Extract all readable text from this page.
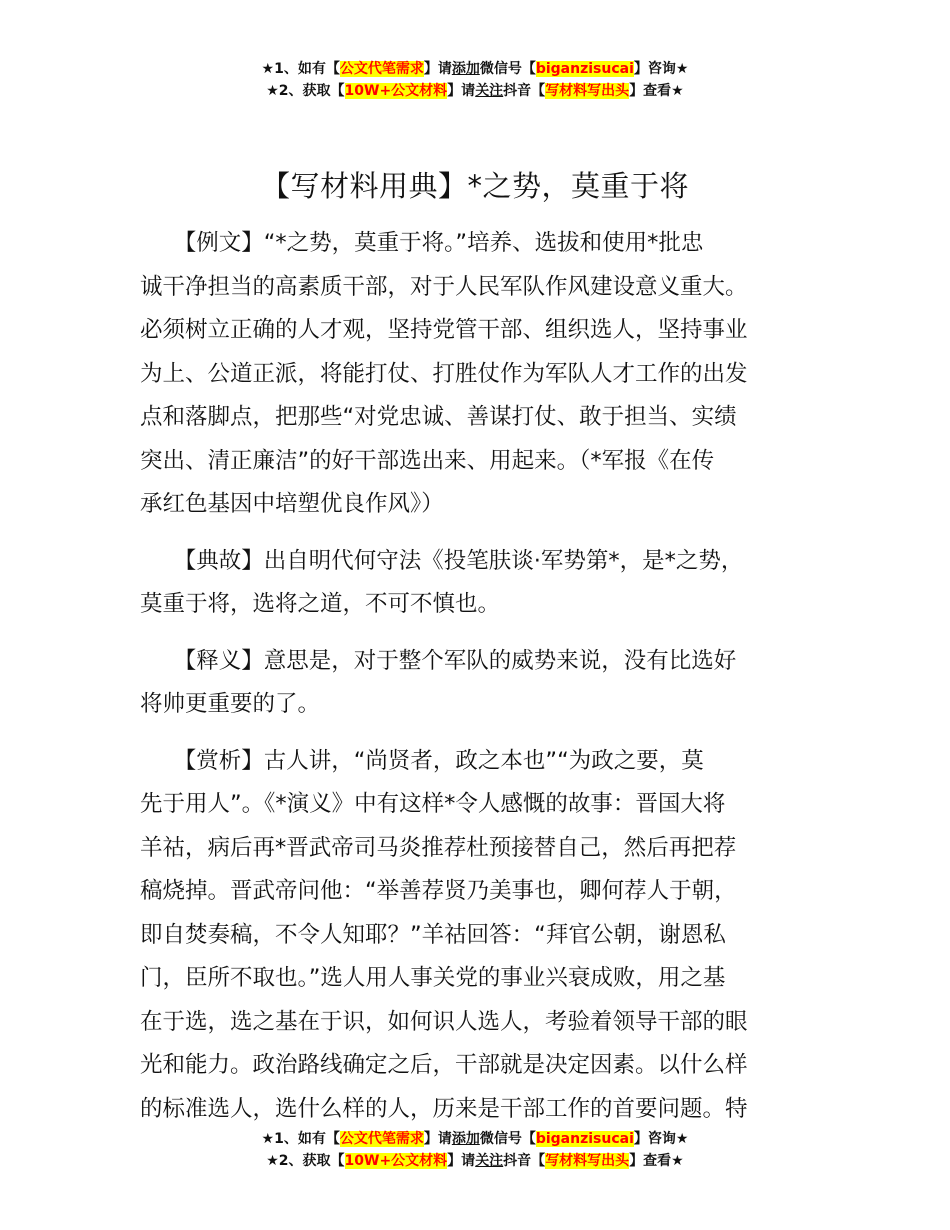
★1、如有【公文代笔需求】请添加微信号【biganzisucai】咨询★
★2、获取【10W+公文材料】请关注抖音【写材料写出头】查看★
【写材料用典】*之势，莫重于将

　　【例文】“*之势，莫重于将。”培养、选拔和使用*批忠
诚干净担当的高素质干部，对于人民军队作风建设意义重大。
必须树立正确的人才观，坚持党管干部、组织选人，坚持事业
为上、公道正派，将能打仗、打胜仗作为军队人才工作的出发
点和落脚点，把那些“对党忠诚、善谋打仗、敢于担当、实绩
突出、清正廉洁”的好干部选出来、用起来。（*军报《在传
承红色基因中培塑优良作风》）

　　【典故】出自明代何守法《投笔肤谈·军势第*，是*之势，
莫重于将，选将之道，不可不慎也。

　　【释义】意思是，对于整个军队的威势来说，没有比选好
将帅更重要的了。

　　【赏析】古人讲，“尚贤者，政之本也”“为政之要，莫
先于用人”。《*演义》中有这样*令人感慨的故事：晋国大将
羊祜，病后再*晋武帝司马炎推荐杜预接替自己，然后再把荐
稿烧掉。晋武帝问他：“举善荐贤乃美事也，卿何荐人于朝，
即自焚奏稿，不令人知耶？”羊祜回答：“拜官公朝，谢恩私
门，臣所不取也。”选人用人事关党的事业兴衰成败，用之基
在于选，选之基在于识，如何识人选人，考验着领导干部的眼
光和能力。政治路线确定之后，干部就是决定因素。以什么样
的标准选人，选什么样的人，历来是干部工作的首要问题。特

★1、如有【公文代笔需求】请添加微信号【biganzisucai】咨询★
★2、获取【10W+公文材料】请关注抖音【写材料写出头】查看★
